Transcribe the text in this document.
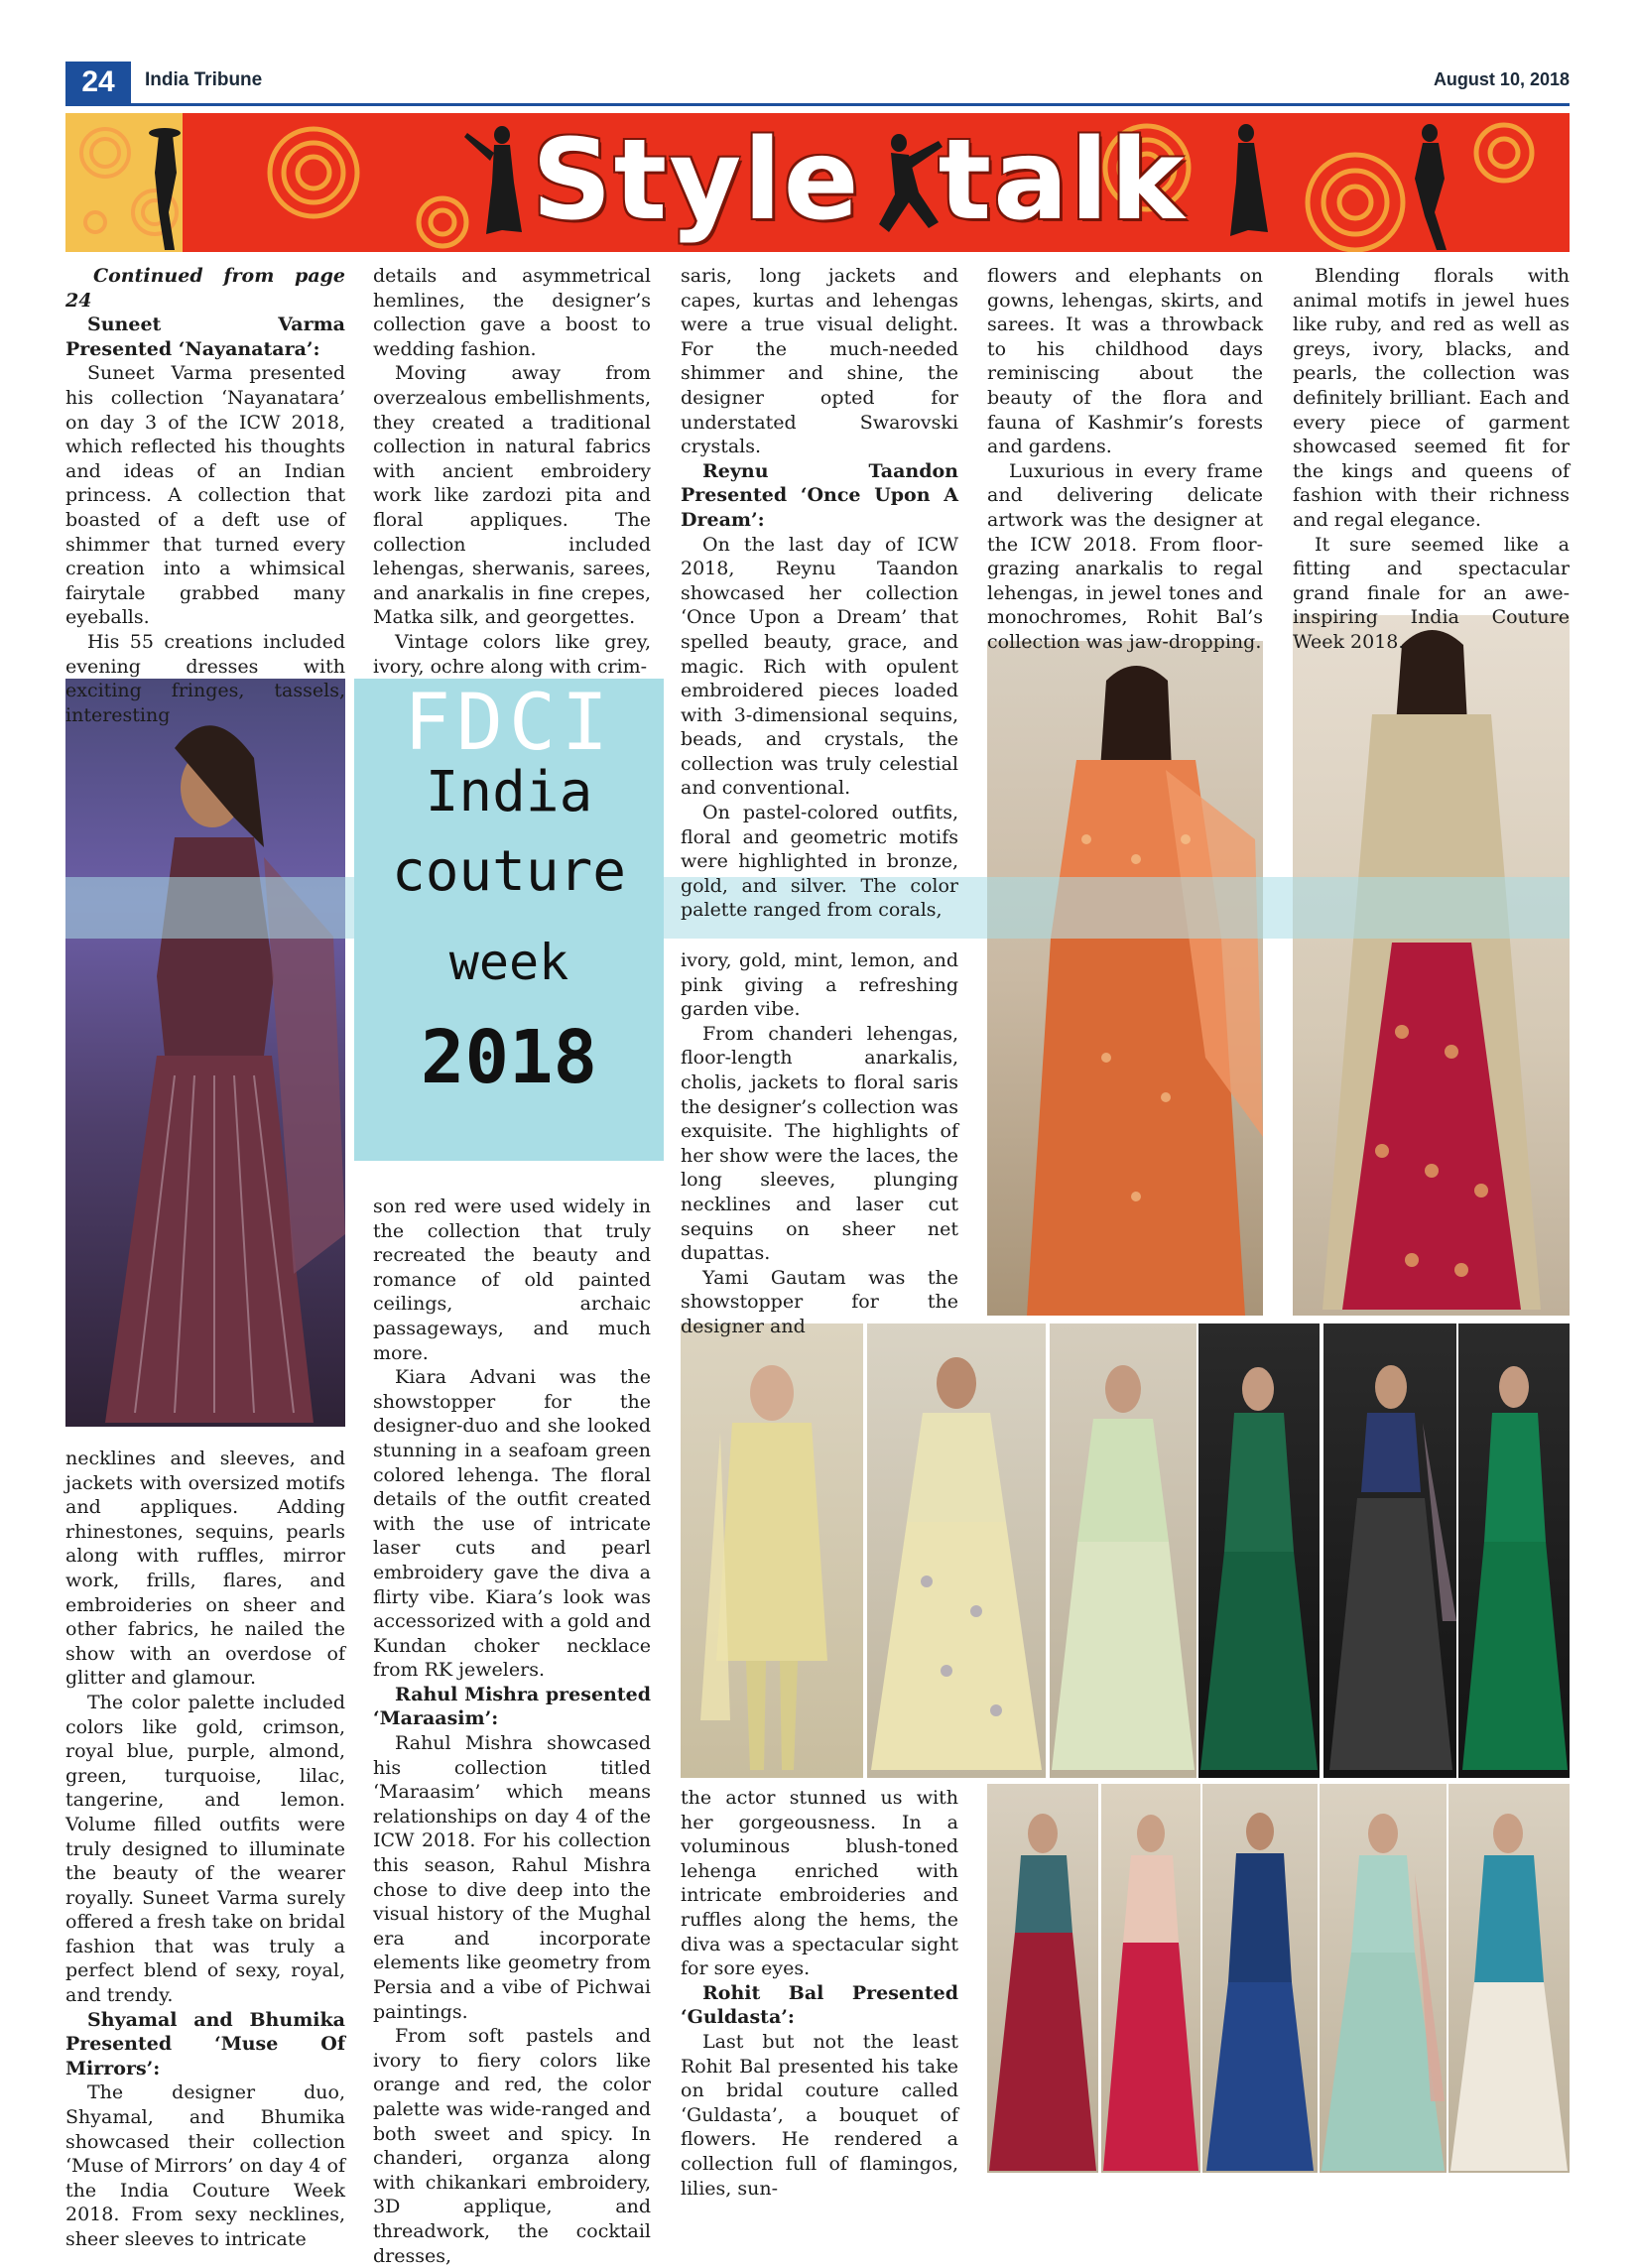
24	India Tribune	August 10, 2018
Style talk
FDCI
India
couture
week
2018

Continued from page 24

Suneet Varma Presented ‘Nayanatara’:

Suneet Varma presented his collection ‘Nayanatara’ on day 3 of the ICW 2018, which reflected his thoughts and ideas of an Indian princess. A collection that boasted of a deft use of shimmer that turned every creation into a whimsical fairytale grabbed many eyeballs.

His 55 creations included evening dresses with exciting fringes, tassels, interesting

necklines and sleeves, and jackets with oversized motifs and appliques. Adding rhinestones, sequins, pearls along with ruffles, mirror work, frills, flares, and embroideries on sheer and other fabrics, he nailed the show with an overdose of glitter and glamour.

The color palette included colors like gold, crimson, royal blue, purple, almond, green, turquoise, lilac, tangerine, and lemon. Volume filled outfits were truly designed to illuminate the beauty of the wearer royally. Suneet Varma surely offered a fresh take on bridal fashion that was truly a perfect blend of sexy, royal, and trendy.

Shyamal and Bhumika Presented ‘Muse Of Mirrors’:

The designer duo, Shyamal, and Bhumika showcased their collection ‘Muse of Mirrors’ on day 4 of the India Couture Week 2018. From sexy necklines, sheer sleeves to intricate

details and asymmetrical hemlines, the designer’s collection gave a boost to wedding fashion.

Moving away from overzealous embellishments, they created a traditional collection in natural fabrics with ancient embroidery work like zardozi pita and floral appliques. The collection included lehengas, sherwanis, sarees, and anarkalis in fine crepes, Matka silk, and georgettes.

Vintage colors like grey, ivory, ochre along with crim-

son red were used widely in the collection that truly recreated the beauty and romance of old painted ceilings, archaic passageways, and much more.

Kiara Advani was the showstopper for the designer-duo and she looked stunning in a seafoam green colored lehenga. The floral details of the outfit created with the use of intricate laser cuts and pearl embroidery gave the diva a flirty vibe. Kiara’s look was accessorized with a gold and Kundan choker necklace from RK jewelers.

Rahul Mishra presented ‘Maraasim’:

Rahul Mishra showcased his collection titled ‘Maraasim’ which means relationships on day 4 of the ICW 2018. For his collection this season, Rahul Mishra chose to dive deep into the visual history of the Mughal era and incorporate elements like geometry from Persia and a vibe of Pichwai paintings.

From soft pastels and ivory to fiery colors like orange and red, the color palette was wide-ranged and both sweet and spicy. In chanderi, organza along with chikankari embroidery, 3D applique, and threadwork, the cocktail dresses,

saris, long jackets and capes, kurtas and lehengas were a true visual delight. For the much-needed shimmer and shine, the designer opted for understated Swarovski crystals.

Reynu Taandon Presented ‘Once Upon A Dream’:

On the last day of ICW 2018, Reynu Taandon showcased her collection ‘Once Upon a Dream’ that spelled beauty, grace, and magic. Rich with opulent embroidered pieces loaded with 3-dimensional sequins, beads, and crystals, the collection was truly celestial and conventional.

On pastel-colored outfits, floral and geometric motifs were highlighted in bronze, gold, and silver. The color palette ranged from corals,

ivory, gold, mint, lemon, and pink giving a refreshing garden vibe.

From chanderi lehengas, floor-length anarkalis, cholis, jackets to floral saris the designer’s collection was exquisite. The highlights of her show were the laces, the long sleeves, plunging necklines and laser cut sequins on sheer net dupattas.

Yami Gautam was the showstopper for the designer and

the actor stunned us with her gorgeousness. In a voluminous blush-toned lehenga enriched with intricate embroideries and ruffles along the hems, the diva was a spectacular sight for sore eyes.

Rohit Bal Presented ‘Guldasta’:

Last but not the least Rohit Bal presented his take on bridal couture called ‘Guldasta’, a bouquet of flowers. He rendered a collection full of flamingos, lilies, sun-

flowers and elephants on gowns, lehengas, skirts, and sarees. It was a throwback to his childhood days reminiscing about the beauty of the flora and fauna of Kashmir’s forests and gardens.

Luxurious in every frame and delivering delicate artwork was the designer at the ICW 2018. From floor-grazing anarkalis to regal lehengas, in jewel tones and monochromes, Rohit Bal’s collection was jaw-dropping.

Blending florals with animal motifs in jewel hues like ruby, and red as well as greys, ivory, blacks, and pearls, the collection was definitely brilliant. Each and every piece of garment showcased seemed fit for the kings and queens of fashion with their richness and regal elegance.

It sure seemed like a fitting and spectacular grand finale for an awe-inspiring India Couture Week 2018.
